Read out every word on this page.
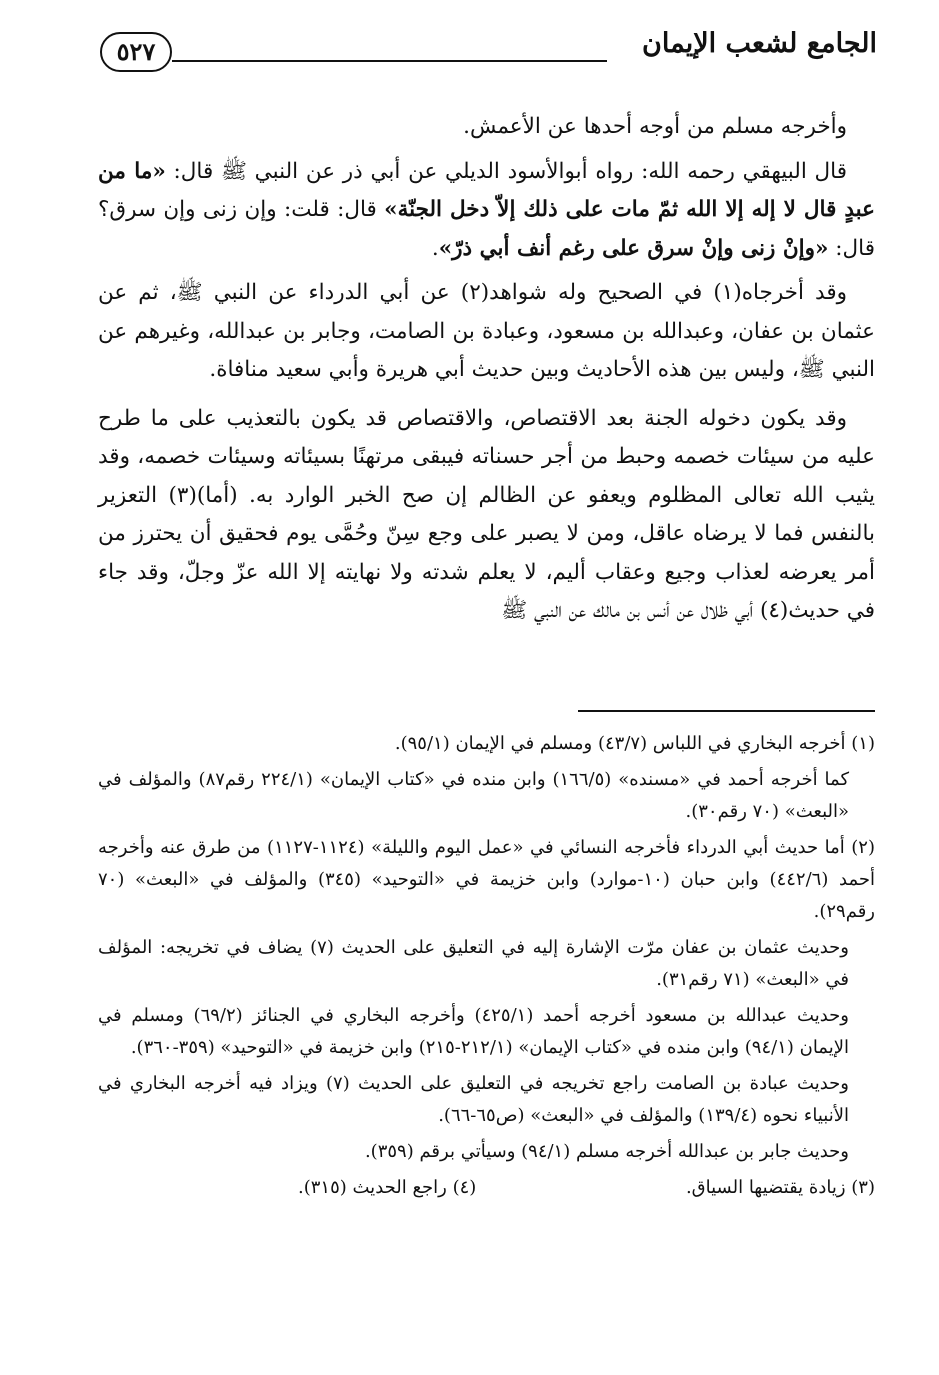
الجامع لشعب الإيمان
٥٢٧

وأخرجه مسلم من أوجه أحدها عن الأعمش.

قال البيهقي رحمه الله: رواه أبوالأسود الديلي عن أبي ذر عن النبي ﷺ قال: «ما من عبدٍ قال لا إله إلا الله ثمّ مات على ذلك إلاّ دخل الجنّة» قال: قلت: وإن زنى وإن سرق؟ قال: «وإنْ زنى وإنْ سرق على رغم أنف أبي ذرّ».

وقد أخرجاه(١) في الصحيح وله شواهد(٢) عن أبي الدرداء عن النبي ﷺ، ثم عن عثمان بن عفان، وعبدالله بن مسعود، وعبادة بن الصامت، وجابر بن عبدالله، وغيرهم عن النبي ﷺ، وليس بين هذه الأحاديث وبين حديث أبي هريرة وأبي سعيد منافاة.

وقد يكون دخوله الجنة بعد الاقتصاص، والاقتصاص قد يكون بالتعذيب على ما طرح عليه من سيئات خصمه وحبط من أجر حسناته فيبقى مرتهنًا بسيئاته وسيئات خصمه، وقد يثيب الله تعالى المظلوم ويعفو عن الظالم إن صح الخبر الوارد به. (أما)(٣) التعزير بالنفس فما لا يرضاه عاقل، ومن لا يصبر على وجع سِنّ وحُمَّى يوم فحقيق أن يحترز من أمر يعرضه لعذاب وجيع وعقاب أليم، لا يعلم شدته ولا نهايته إلا الله عزّ وجلّ، وقد جاء في حديث(٤) أبي ظلال عن أنس بن مالك عن النبي ﷺ

(١) أخرجه البخاري في اللباس (٤٣/٧) ومسلم في الإيمان (٩٥/١).

كما أخرجه أحمد في «مسنده» (١٦٦/٥) وابن منده في «كتاب الإيمان» (٢٢٤/١ رقم٨٧) والمؤلف في «البعث» (٧٠ رقم٣٠).

(٢) أما حديث أبي الدرداء فأخرجه النسائي في «عمل اليوم والليلة» (١١٢٤-١١٢٧) من طرق عنه وأخرجه أحمد (٤٤٢/٦) وابن حبان (١٠-موارد) وابن خزيمة في «التوحيد» (٣٤٥) والمؤلف في «البعث» (٧٠ رقم٢٩).

وحديث عثمان بن عفان مرّت الإشارة إليه في التعليق على الحديث (٧) يضاف في تخريجه: المؤلف في «البعث» (٧١ رقم٣١).

وحديث عبدالله بن مسعود أخرجه أحمد (٤٢٥/١) وأخرجه البخاري في الجنائز (٦٩/٢) ومسلم في الإيمان (٩٤/١) وابن منده في «كتاب الإيمان» (٢١٢/١-٢١٥) وابن خزيمة في «التوحيد» (٣٥٩-٣٦٠).

وحديث عبادة بن الصامت راجع تخريجه في التعليق على الحديث (٧) ويزاد فيه أخرجه البخاري في الأنبياء نحوه (١٣٩/٤) والمؤلف في «البعث» (ص٦٥-٦٦).

وحديث جابر بن عبدالله أخرجه مسلم (٩٤/١) وسيأتي برقم (٣٥٩).

(٣) زيادة يقتضيها السياق.
(٤) راجع الحديث (٣١٥).
